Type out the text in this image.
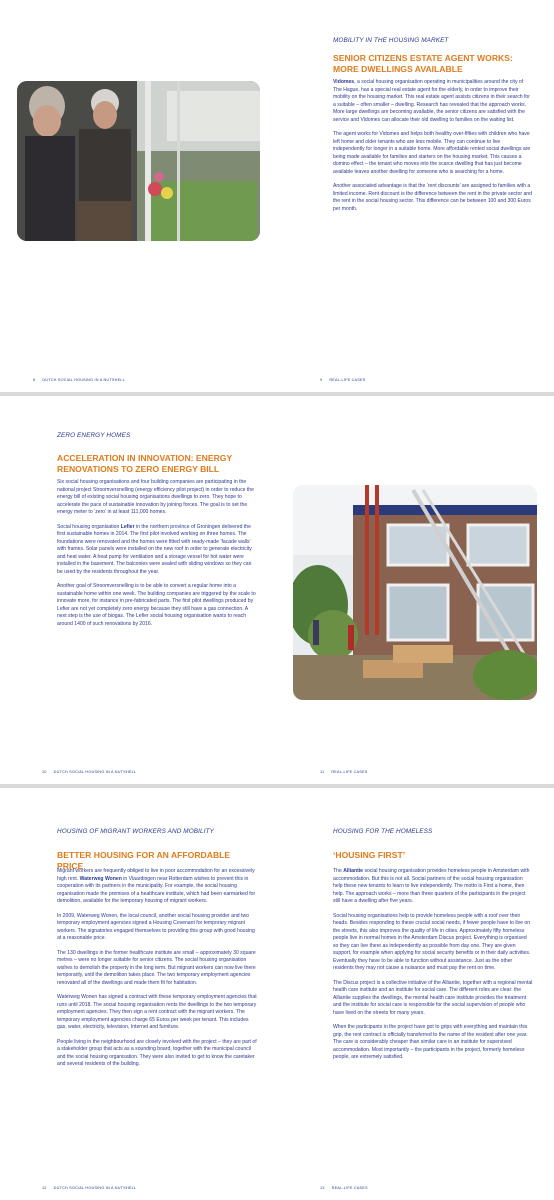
8 DUTCH SOCIAL HOUSING IN A NUTSHELL
MOBILITY IN THE HOUSING MARKET
SENIOR CITIZENS ESTATE AGENT WORKS: MORE DWELLINGS AVAILABLE

Vidomes, a social housing organisation operating in municipalities around the city of The Hague, has a special real estate agent for the elderly, in order to improve their mobility on the housing market. This real estate agent assists citizens in their search for a suitable – often smaller – dwelling. Research has revealed that the approach works. More large dwellings are becoming available, the senior citizens are satisfied with the service and Vidomes can allocate their old dwelling to families on the waiting list.

The agent works for Vidomes and helps both healthy over-fifties with children who have left home and older tenants who are less mobile. They can continue to live independently for longer in a suitable home. More affordable rented social dwellings are being made available for families and starters on the housing market. This causes a domino effect – the tenant who moves into the scarce dwelling that has just become available leaves another dwelling for someone who is searching for a home.

Another associated advantage is that the ‘rent discounts’ are assigned to families with a limited income. Rent discount is the difference between the rent in the private sector and the rent in the social housing sector. This difference can be between 100 and 300 Euros per month.

9 REAL-LIFE CASES
ZERO ENERGY HOMES
ACCELERATION IN INNOVATION: ENERGY RENOVATIONS TO ZERO ENERGY BILL

Six social housing organisations and four building companies are participating in the national project Stroomversnelling (energy efficiency pilot project) in order to reduce the energy bill of existing social housing organisations dwellings to zero. They hope to accelerate the pace of sustainable innovation by joining forces. The goal is to set the energy meter to ‘zero’ in at least 111,000 homes.

Social housing organisation Lefier in the northern province of Groningen delivered the first sustainable homes in 2014. The first pilot involved working on three homes. The foundations were renovated and the homes were fitted with ready-made ‘facade walls’ with frames. Solar panels were installed on the new roof in order to generate electricity and heat water. A heat pump for ventilation and a storage vessel for hot water were installed in the basement. The balconies were sealed with sliding windows so they can be used by the residents throughout the year.

Another goal of Stroomversnelling is to be able to convert a regular home into a sustainable home within one week. The building companies are triggered by the scale to innovate more, for instance in pre-fabricated parts. The first pilot dwellings produced by Lefier are not yet completely zero energy because they still have a gas connection. A next step is the use of biogas. The Lefier social housing organisation wants to reach around 1400 of such renovations by 2016.

10 DUTCH SOCIAL HOUSING IN A NUTSHELL	11 REAL-LIFE CASES
HOUSING OF MIGRANT WORKERS AND MOBILITY
BETTER HOUSING FOR AN AFFORDABLE PRICE

Migrant workers are frequently obliged to live in poor accommodation for an excessively high rent. Waterweg Wonen in Vlaardingen near Rotterdam wishes to prevent this in cooperation with its partners in the municipality. For example, the social housing organisation made the premises of a healthcare institute, which had been earmarked for demolition, available for the temporary housing of migrant workers.

In 2009, Waterweg Wonen, the local council, another social housing provider and two temporary employment agencies signed a Housing Covenant for temporary migrant workers. The signatories engaged themselves to providing this group with good housing at a reasonable price.

The 130 dwellings in the former healthcare institute are small – approximately 30 square metres – were no longer suitable for senior citizens. The social housing organisation wishes to demolish the property in the long term. But migrant workers can now live there temporarily, until the demolition takes place. The two temporary employment agencies renovated all of the dwellings and made them fit for habitation.

Waterweg Wonen has signed a contract with these temporary employment agencies that runs until 2018. The social housing organisation rents the dwellings to the two temporary employment agencies. They then sign a rent contract with the migrant workers. The temporary employment agencies charge 65 Euros per week per tenant. This includes gas, water, electricity, television, Internet and furniture.

People living in the neighbourhood are closely involved with the project – they are part of a stakeholder group that acts as a sounding board, together with the municipal council and the social housing organisation. They were also invited to get to know the caretaker and several residents of the building.

12 DUTCH SOCIAL HOUSING IN A NUTSHELL
HOUSING FOR THE HOMELESS
‘HOUSING FIRST’

The Alliantie social housing organisation provides homeless people in Amsterdam with accommodation. But this is not all. Social partners of the social housing organisation help these new tenants to learn to live independently. The motto is First a home, then help. The approach works – more than three quarters of the participants in the project still have a dwelling after five years.

Social housing organisations help to provide homeless people with a roof over their heads. Besides responding to these crucial social needs, if fewer people have to live on the streets, this also improves the quality of life in cities. Approximately fifty homeless people live in normal homes in the Amsterdam Discus project. Everything is organised so they can live there as independently as possible from day one. They are given support, for example when applying for social security benefits or in their daily activities. Eventually they have to be able to function without assistance. Just as the other residents they may not cause a nuisance and must pay the rent on time.

The Discus project is a collective initiative of the Alliantie, together with a regional mental health care institute and an institute for social care. The different roles are clear: the Alliantie supplies the dwellings, the mental health care institute provides the treatment and the institute for social care is responsible for the social supervision of people who have lived on the streets for many years.

When the participants in the project have got to grips with everything and maintain this grip, the rent contract is officially transferred to the name of the resident after one year. The care is considerably cheaper than similar care in an institute for supervised accommodation. Most importantly – the participants in the project, formerly homeless people, are extremely satisfied.

13 REAL-LIFE CASES
